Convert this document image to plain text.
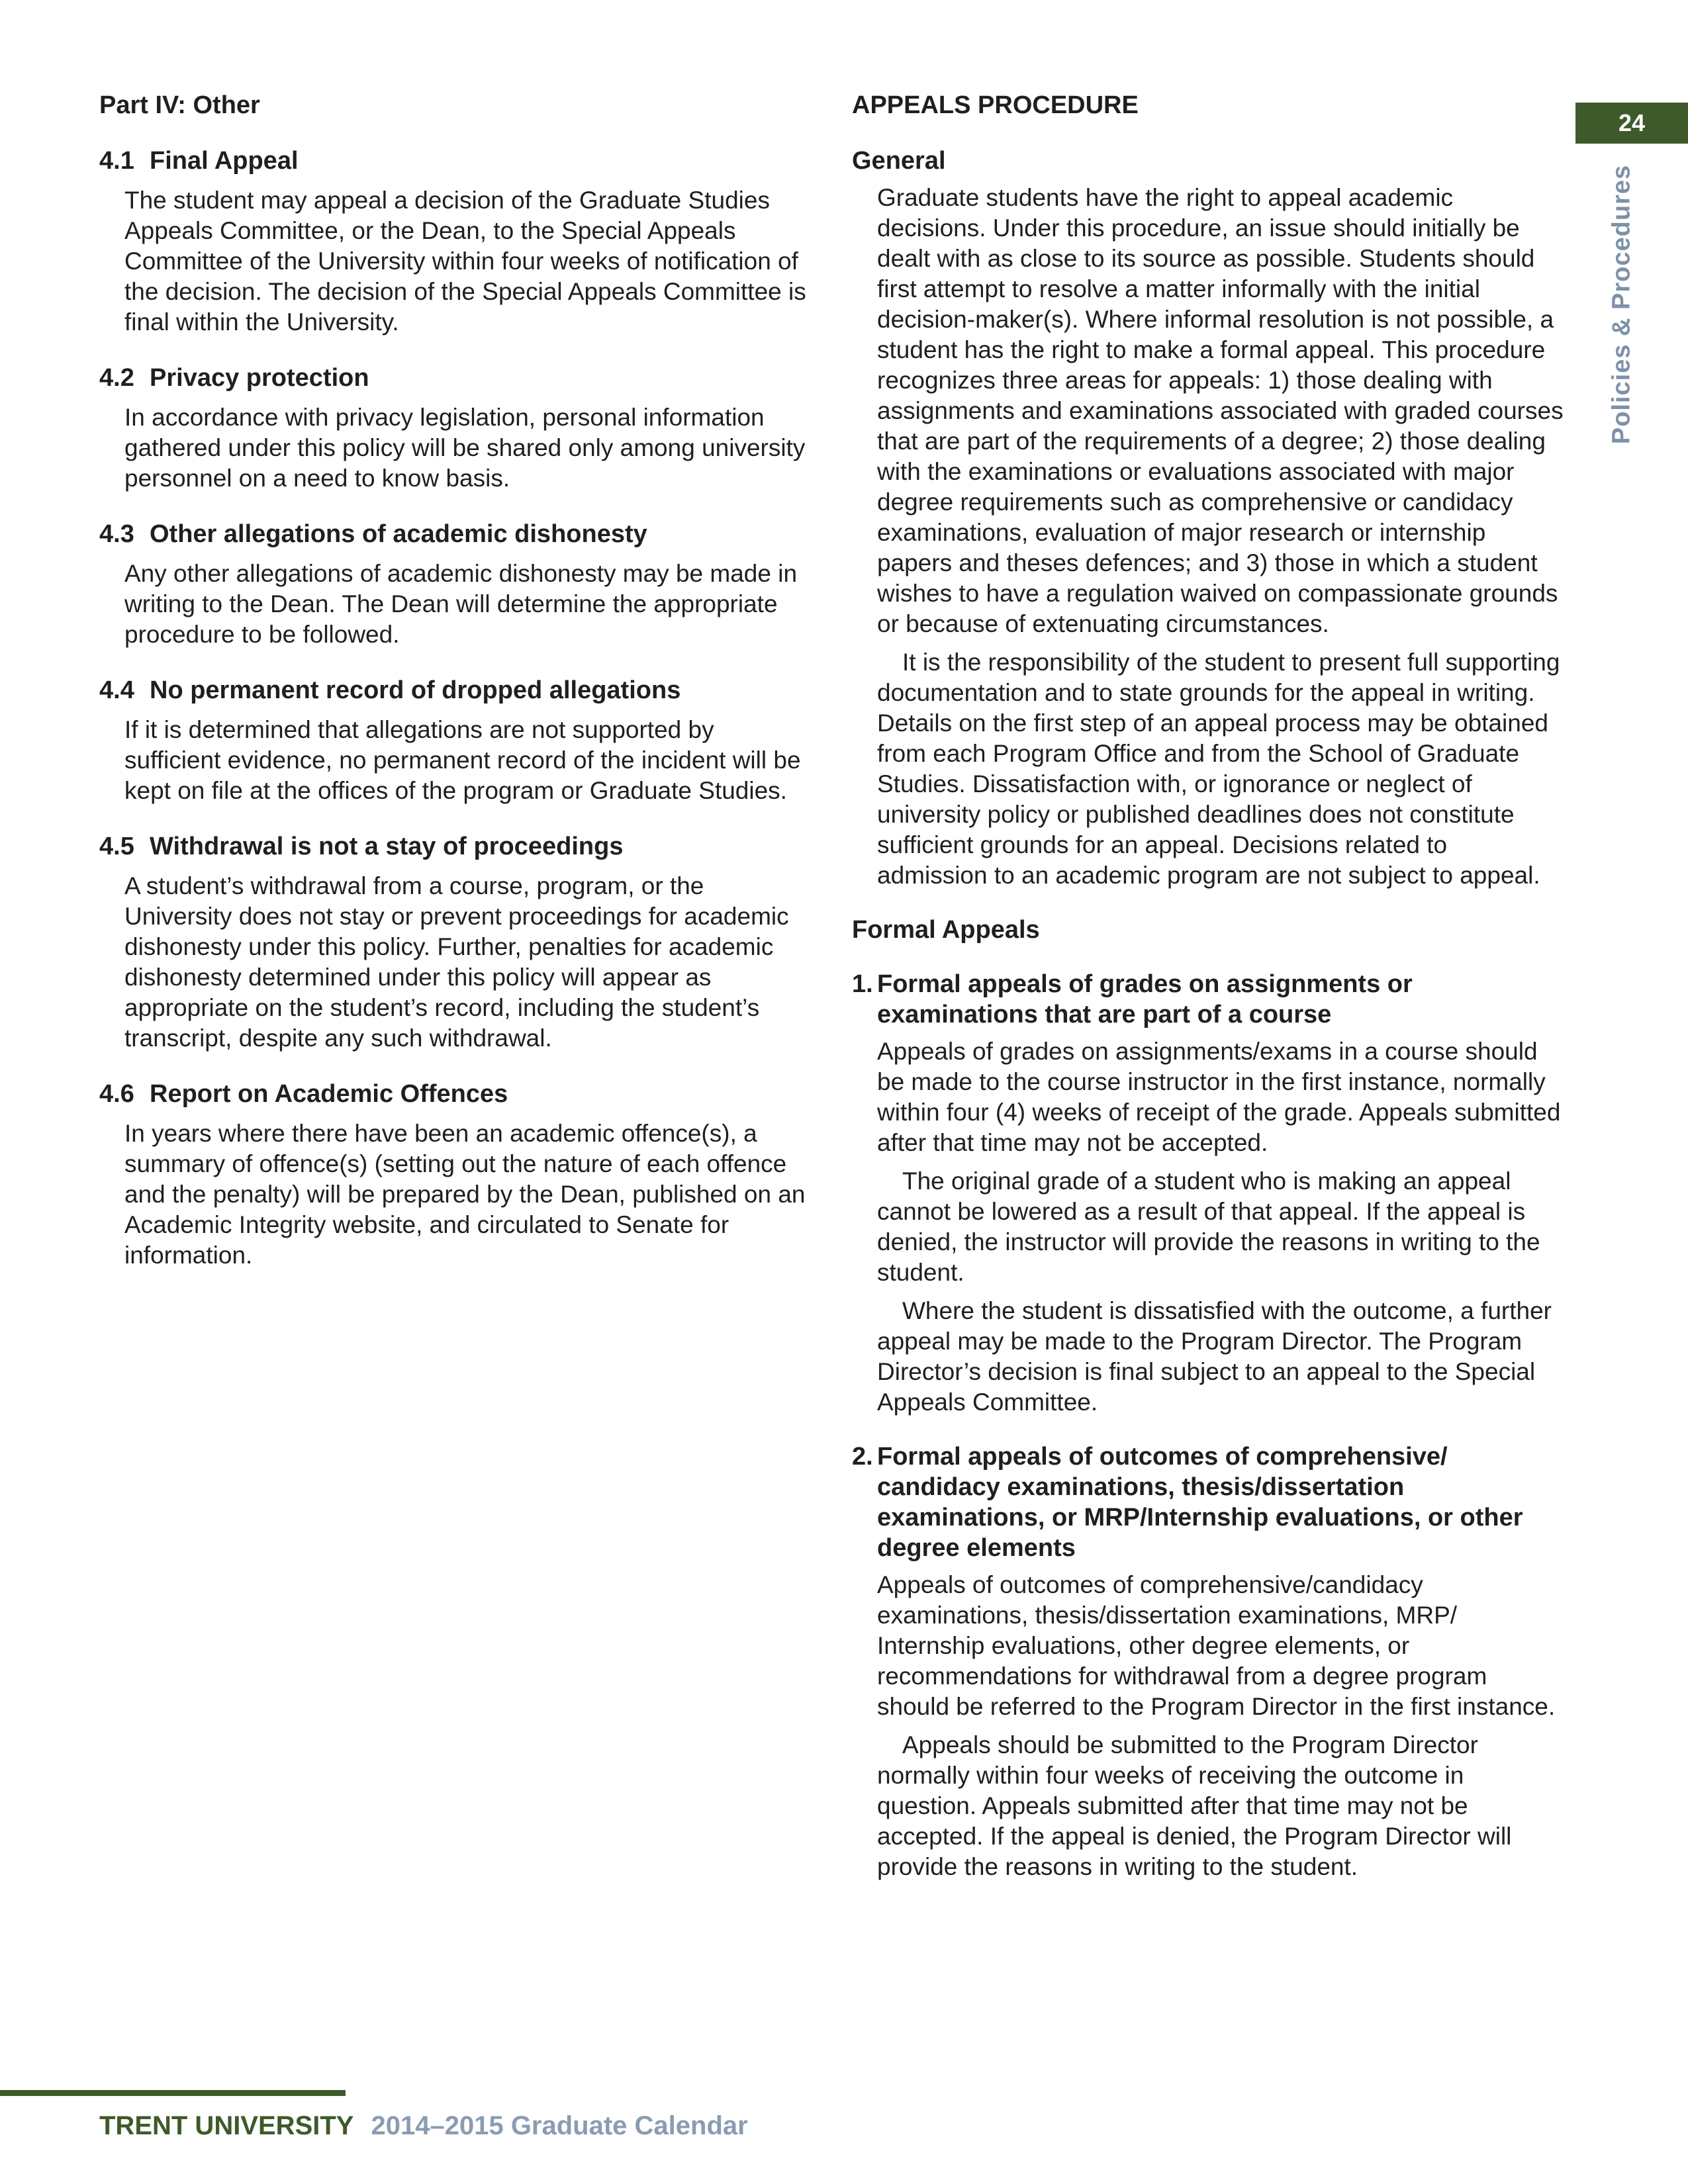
Part IV: Other
4.1 Final Appeal

The student may appeal a decision of the Graduate Studies Appeals Committee, or the Dean, to the Special Appeals Committee of the University within four weeks of notification of the decision. The decision of the Special Appeals Committee is final within the University.

4.2 Privacy protection

In accordance with privacy legislation, personal information gathered under this policy will be shared only among university personnel on a need to know basis.

4.3 Other allegations of academic dishonesty

Any other allegations of academic dishonesty may be made in writing to the Dean. The Dean will determine the appropriate procedure to be followed.

4.4 No permanent record of dropped allegations

If it is determined that allegations are not supported by sufficient evidence, no permanent record of the incident will be kept on file at the offices of the program or Graduate Studies.

4.5 Withdrawal is not a stay of proceedings

A student’s withdrawal from a course, program, or the University does not stay or prevent proceedings for academic dishonesty under this policy. Further, penalties for academic dishonesty determined under this policy will appear as appropriate on the student’s record, including the student’s transcript, despite any such withdrawal.

4.6 Report on Academic Offences

In years where there have been an academic offence(s), a summary of offence(s) (setting out the nature of each offence and the penalty) will be prepared by the Dean, published on an Academic Integrity website, and circulated to Senate for information.

APPEALS PROCEDURE
General

Graduate students have the right to appeal academic decisions. Under this procedure, an issue should initially be dealt with as close to its source as possible. Students should first attempt to resolve a matter informally with the initial decision-maker(s). Where informal resolution is not possible, a student has the right to make a formal appeal. This procedure recognizes three areas for appeals: 1) those dealing with assignments and examinations associated with graded courses that are part of the requirements of a degree; 2) those dealing with the examinations or evaluations associated with major degree requirements such as comprehensive or candidacy examinations, evaluation of major research or internship papers and theses defences; and 3) those in which a student wishes to have a regulation waived on compassionate grounds or because of extenuating circumstances.

It is the responsibility of the student to present full supporting documentation and to state grounds for the appeal in writing. Details on the first step of an appeal process may be obtained from each Program Office and from the School of Graduate Studies. Dissatisfaction with, or ignorance or neglect of university policy or published deadlines does not constitute sufficient grounds for an appeal. Decisions related to admission to an academic program are not subject to appeal.

Formal Appeals
1. Formal appeals of grades on assignments or examinations that are part of a course

Appeals of grades on assignments/exams in a course should be made to the course instructor in the first instance, normally within four (4) weeks of receipt of the grade. Appeals submitted after that time may not be accepted.

The original grade of a student who is making an appeal cannot be lowered as a result of that appeal. If the appeal is denied, the instructor will provide the reasons in writing to the student.

Where the student is dissatisfied with the outcome, a further appeal may be made to the Program Director. The Program Director’s decision is final subject to an appeal to the Special Appeals Committee.

2. Formal appeals of outcomes of comprehensive/ candidacy examinations, thesis/dissertation examinations, or MRP/Internship evaluations, or other degree elements

Appeals of outcomes of comprehensive/candidacy examinations, thesis/dissertation examinations, MRP/ Internship evaluations, other degree elements, or recommendations for withdrawal from a degree program should be referred to the Program Director in the first instance.

Appeals should be submitted to the Program Director normally within four weeks of receiving the outcome in question. Appeals submitted after that time may not be accepted. If the appeal is denied, the Program Director will provide the reasons in writing to the student.

24
Policies & Procedures
TRENT UNIVERSITY 2014–2015 Graduate Calendar
